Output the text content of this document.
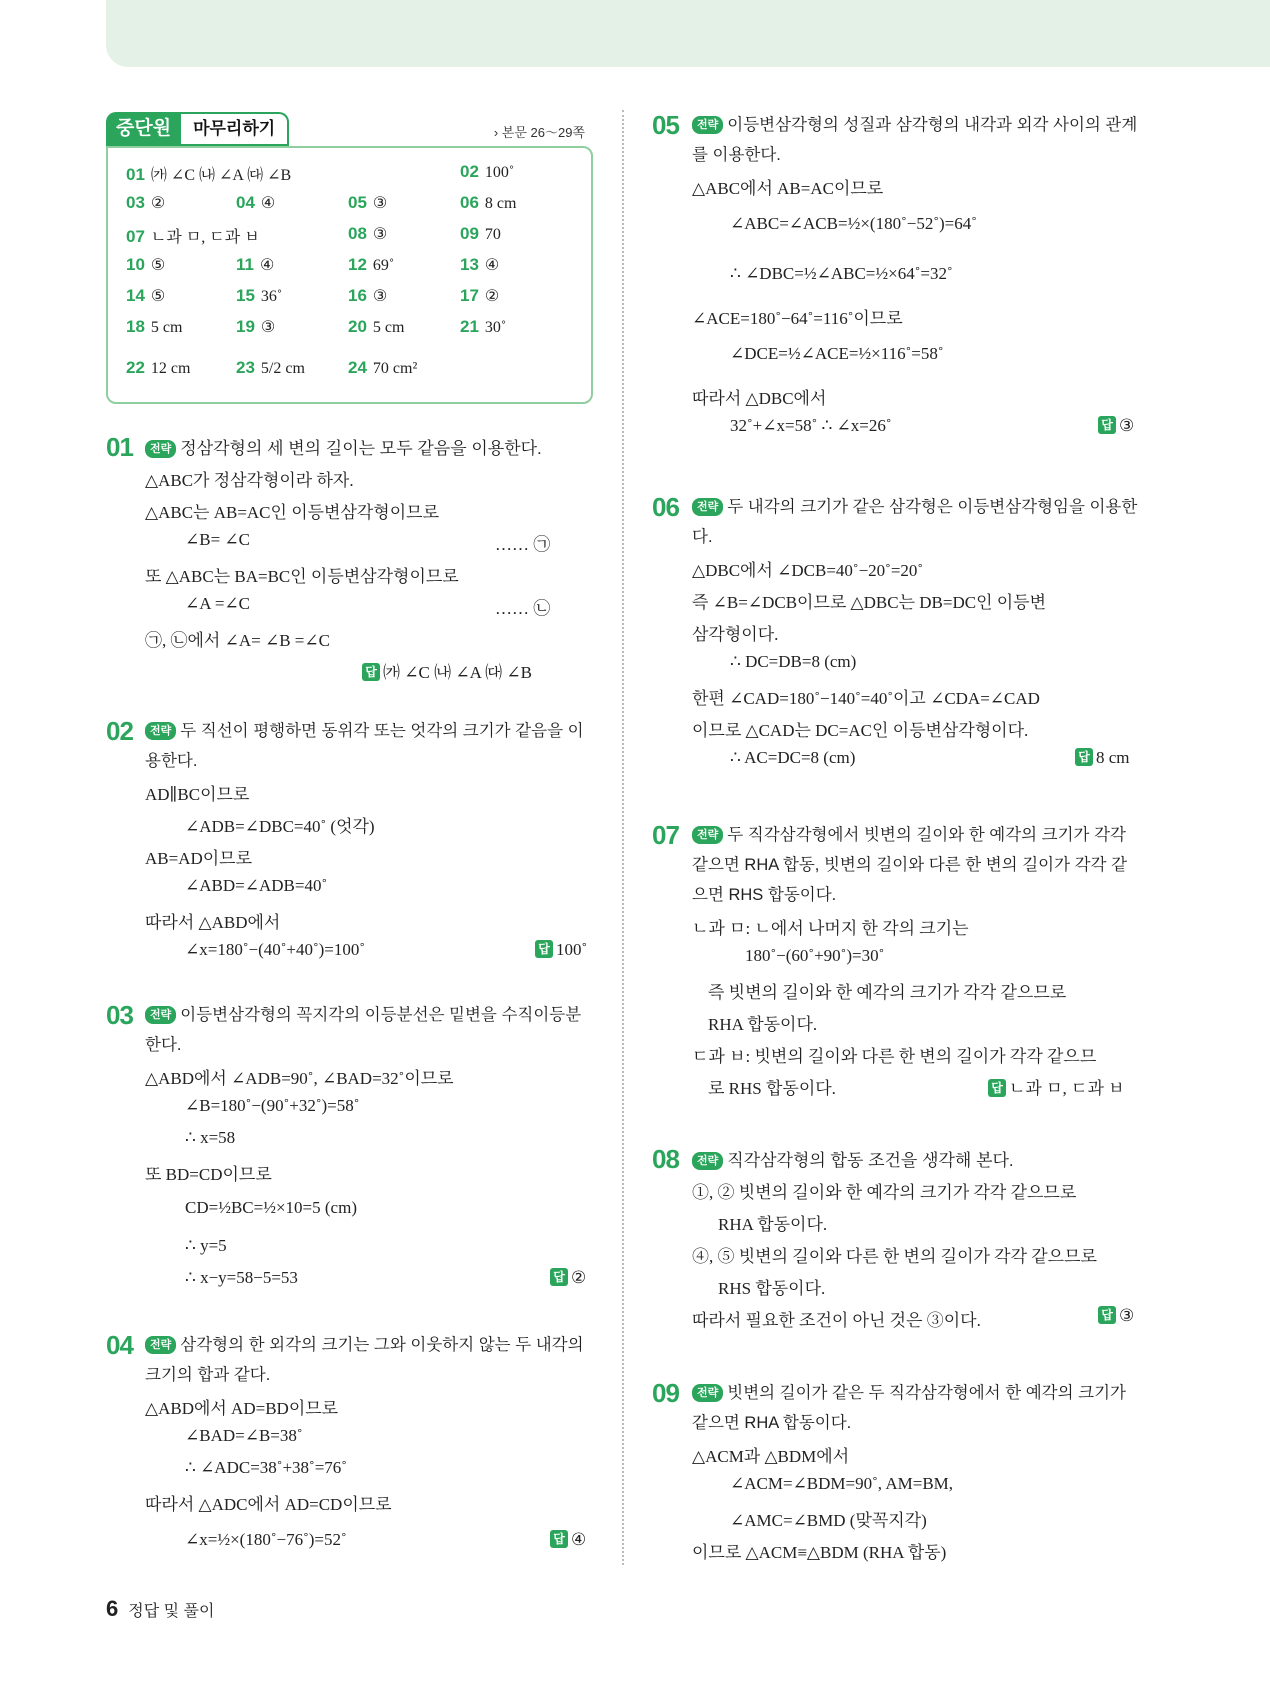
중단원	마무리하기	› 본문 26～29쪽
01 ㈎ ∠C ㈏ ∠A ㈐ ∠B	02 100˚
03 ②	04 ④	05 ③	06 8 cm
07 ㄴ과 ㅁ, ㄷ과 ㅂ	08 ③	09 70
10 ⑤	11 ④	12 69˚	13 ④
14 ⑤	15 36˚	16 ③	17 ②
18 5 cm	19 ③	20 5 cm	21 30˚
22 12 cm	23 5/2 cm	24 70 cm²
01	전략 정삼각형의 세 변의 길이는 모두 같음을 이용한다.
△ABC가 정삼각형이라 하자.
△ABC는 AB=AC인 이등변삼각형이므로
∠B= ∠C	…… ㉠
또 △ABC는 BA=BC인 이등변삼각형이므로
∠A =∠C	…… ㉡
㉠, ㉡에서 ∠A= ∠B =∠C
답 ㈎ ∠C ㈏ ∠A ㈐ ∠B
02	전략 두 직선이 평행하면 동위각 또는 엇각의 크기가 같음을 이용한다.
AD∥BC이므로
∠ADB=∠DBC=40˚ (엇각)
AB=AD이므로
∠ABD=∠ADB=40˚
따라서 △ABD에서
∠x=180˚−(40˚+40˚)=100˚	답 100˚
03	전략 이등변삼각형의 꼭지각의 이등분선은 밑변을 수직이등분한다.
△ABD에서 ∠ADB=90˚, ∠BAD=32˚이므로
∠B=180˚−(90˚+32˚)=58˚
∴ x=58
또 BD=CD이므로
CD=½BC=½×10=5 (cm)
∴ y=5
∴ x−y=58−5=53	답 ②
04	전략 삼각형의 한 외각의 크기는 그와 이웃하지 않는 두 내각의 크기의 합과 같다.
△ABD에서 AD=BD이므로
∠BAD=∠B=38˚
∴ ∠ADC=38˚+38˚=76˚
따라서 △ADC에서 AD=CD이므로
∠x=½×(180˚−76˚)=52˚	답 ④
05	전략 이등변삼각형의 성질과 삼각형의 내각과 외각 사이의 관계를 이용한다.
△ABC에서 AB=AC이므로
∠ABC=∠ACB=½×(180˚−52˚)=64˚
∴ ∠DBC=½∠ABC=½×64˚=32˚
∠ACE=180˚−64˚=116˚이므로
∠DCE=½∠ACE=½×116˚=58˚
따라서 △DBC에서
32˚+∠x=58˚ ∴ ∠x=26˚	답 ③
06	전략 두 내각의 크기가 같은 삼각형은 이등변삼각형임을 이용한다.
△DBC에서 ∠DCB=40˚−20˚=20˚
즉 ∠B=∠DCB이므로 △DBC는 DB=DC인 이등변
삼각형이다.
∴ DC=DB=8 (cm)
한편 ∠CAD=180˚−140˚=40˚이고 ∠CDA=∠CAD
이므로 △CAD는 DC=AC인 이등변삼각형이다.
∴ AC=DC=8 (cm)	답 8 cm
07	전략 두 직각삼각형에서 빗변의 길이와 한 예각의 크기가 각각 같으면 RHA 합동, 빗변의 길이와 다른 한 변의 길이가 각각 같으면 RHS 합동이다.
ㄴ과 ㅁ: ㄴ에서 나머지 한 각의 크기는
180˚−(60˚+90˚)=30˚
즉 빗변의 길이와 한 예각의 크기가 각각 같으므로
RHA 합동이다.
ㄷ과 ㅂ: 빗변의 길이와 다른 한 변의 길이가 각각 같으므
로 RHS 합동이다.	답 ㄴ과 ㅁ, ㄷ과 ㅂ
08	전략 직각삼각형의 합동 조건을 생각해 본다.
①, ② 빗변의 길이와 한 예각의 크기가 각각 같으므로
RHA 합동이다.
④, ⑤ 빗변의 길이와 다른 한 변의 길이가 각각 같으므로
RHS 합동이다.
따라서 필요한 조건이 아닌 것은 ③이다.	답 ③
09	전략 빗변의 길이가 같은 두 직각삼각형에서 한 예각의 크기가 같으면 RHA 합동이다.
△ACM과 △BDM에서
∠ACM=∠BDM=90˚, AM=BM,
∠AMC=∠BMD (맞꼭지각)
이므로 △ACM≡△BDM (RHA 합동)
6 정답 및 풀이
